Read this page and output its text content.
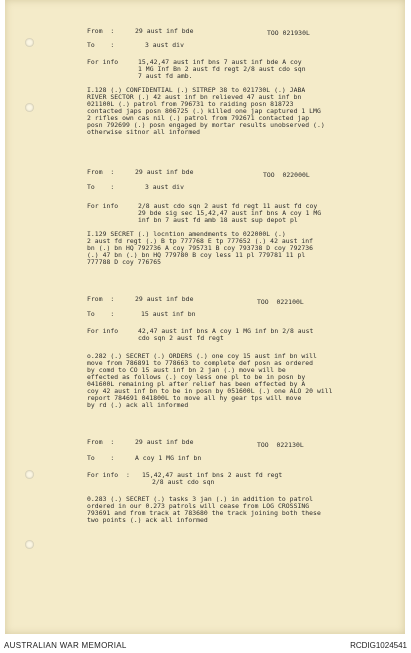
From  :	29 aust inf bde	TOO 021930L
To    :	3 aust div
For info	15,42,47 aust inf bns 7 aust inf bde A coy
1 MG Inf Bn 2 aust fd regt 2/8 aust cdo sqn
7 aust fd amb.
I.128 (.) CONFIDENTIAL (.) SITREP 38 to 021730L (.) JABA
RIVER SECTOR (.) 42 aust inf bn relieved 47 aust inf bn
021100L (.) patrol from 796731 to raiding posn 818723
contacted japs posn 806725 (.) killed one jap captured 1 LMG
2 rifles own cas nil (.) patrol from 792671 contacted jap
posn 792699 (.) posn engaged by mortar results unobserved (.)
otherwise sitnor all informed
From  :	29 aust inf bde	TOO  022000L
To    :	3 aust div
For info	2/8 aust cdo sqn 2 aust fd regt 11 aust fd coy
29 bde sig sec 15,42,47 aust inf bns A coy 1 MG
inf bn 7 aust fd amb 18 aust sup depot pl
I.129 SECRET (.) locntion amendments to 022000L (.)
2 aust fd regt (.) B tp 777768 E tp 777652 (.) 42 aust inf
bn (.) bn HQ 792736 A coy 795731 B coy 793738 D coy 792736
(.) 47 bn (.) bn HQ 779780 B coy less 11 pl 779781 11 pl
777788 D coy 776765
From  :	29 aust inf bde	TOO  022100L
To    :	15 aust inf bn
For info	42,47 aust inf bns A coy 1 MG inf bn 2/8 aust
cdo sqn 2 aust fd regt
o.282 (.) SECRET (.) ORDERS (.) one coy 15 aust inf bn will
move from 786891 to 778663 to complete def posn as ordered
by comd to CO 15 aust inf bn 2 jan (.) move will be
effected as follows (.) coy less one pl to be in posn by
041600L remaining pl after relief has been effected by A
coy 42 aust inf bn to be in posn by 051600L (.) one ALO 20 will
report 784691 041800L to move all hy gear tps will move
by rd (.) ack all informed
From  :	29 aust inf bde	TOO  022130L
To    :	A coy 1 MG inf bn
For info  : 15,42,47 aust inf bns 2 aust fd regt
2/8 aust cdo sqn
0.283 (.) SECRET (.) tasks 3 jan (.) in addition to patrol
ordered in our 0.273 patrols will cease from LOG CROSSING
793691 and from track at 783680 the track joining both these
two points (.) ack all informed
AUSTRALIAN WAR MEMORIAL	RCDIG1024541
